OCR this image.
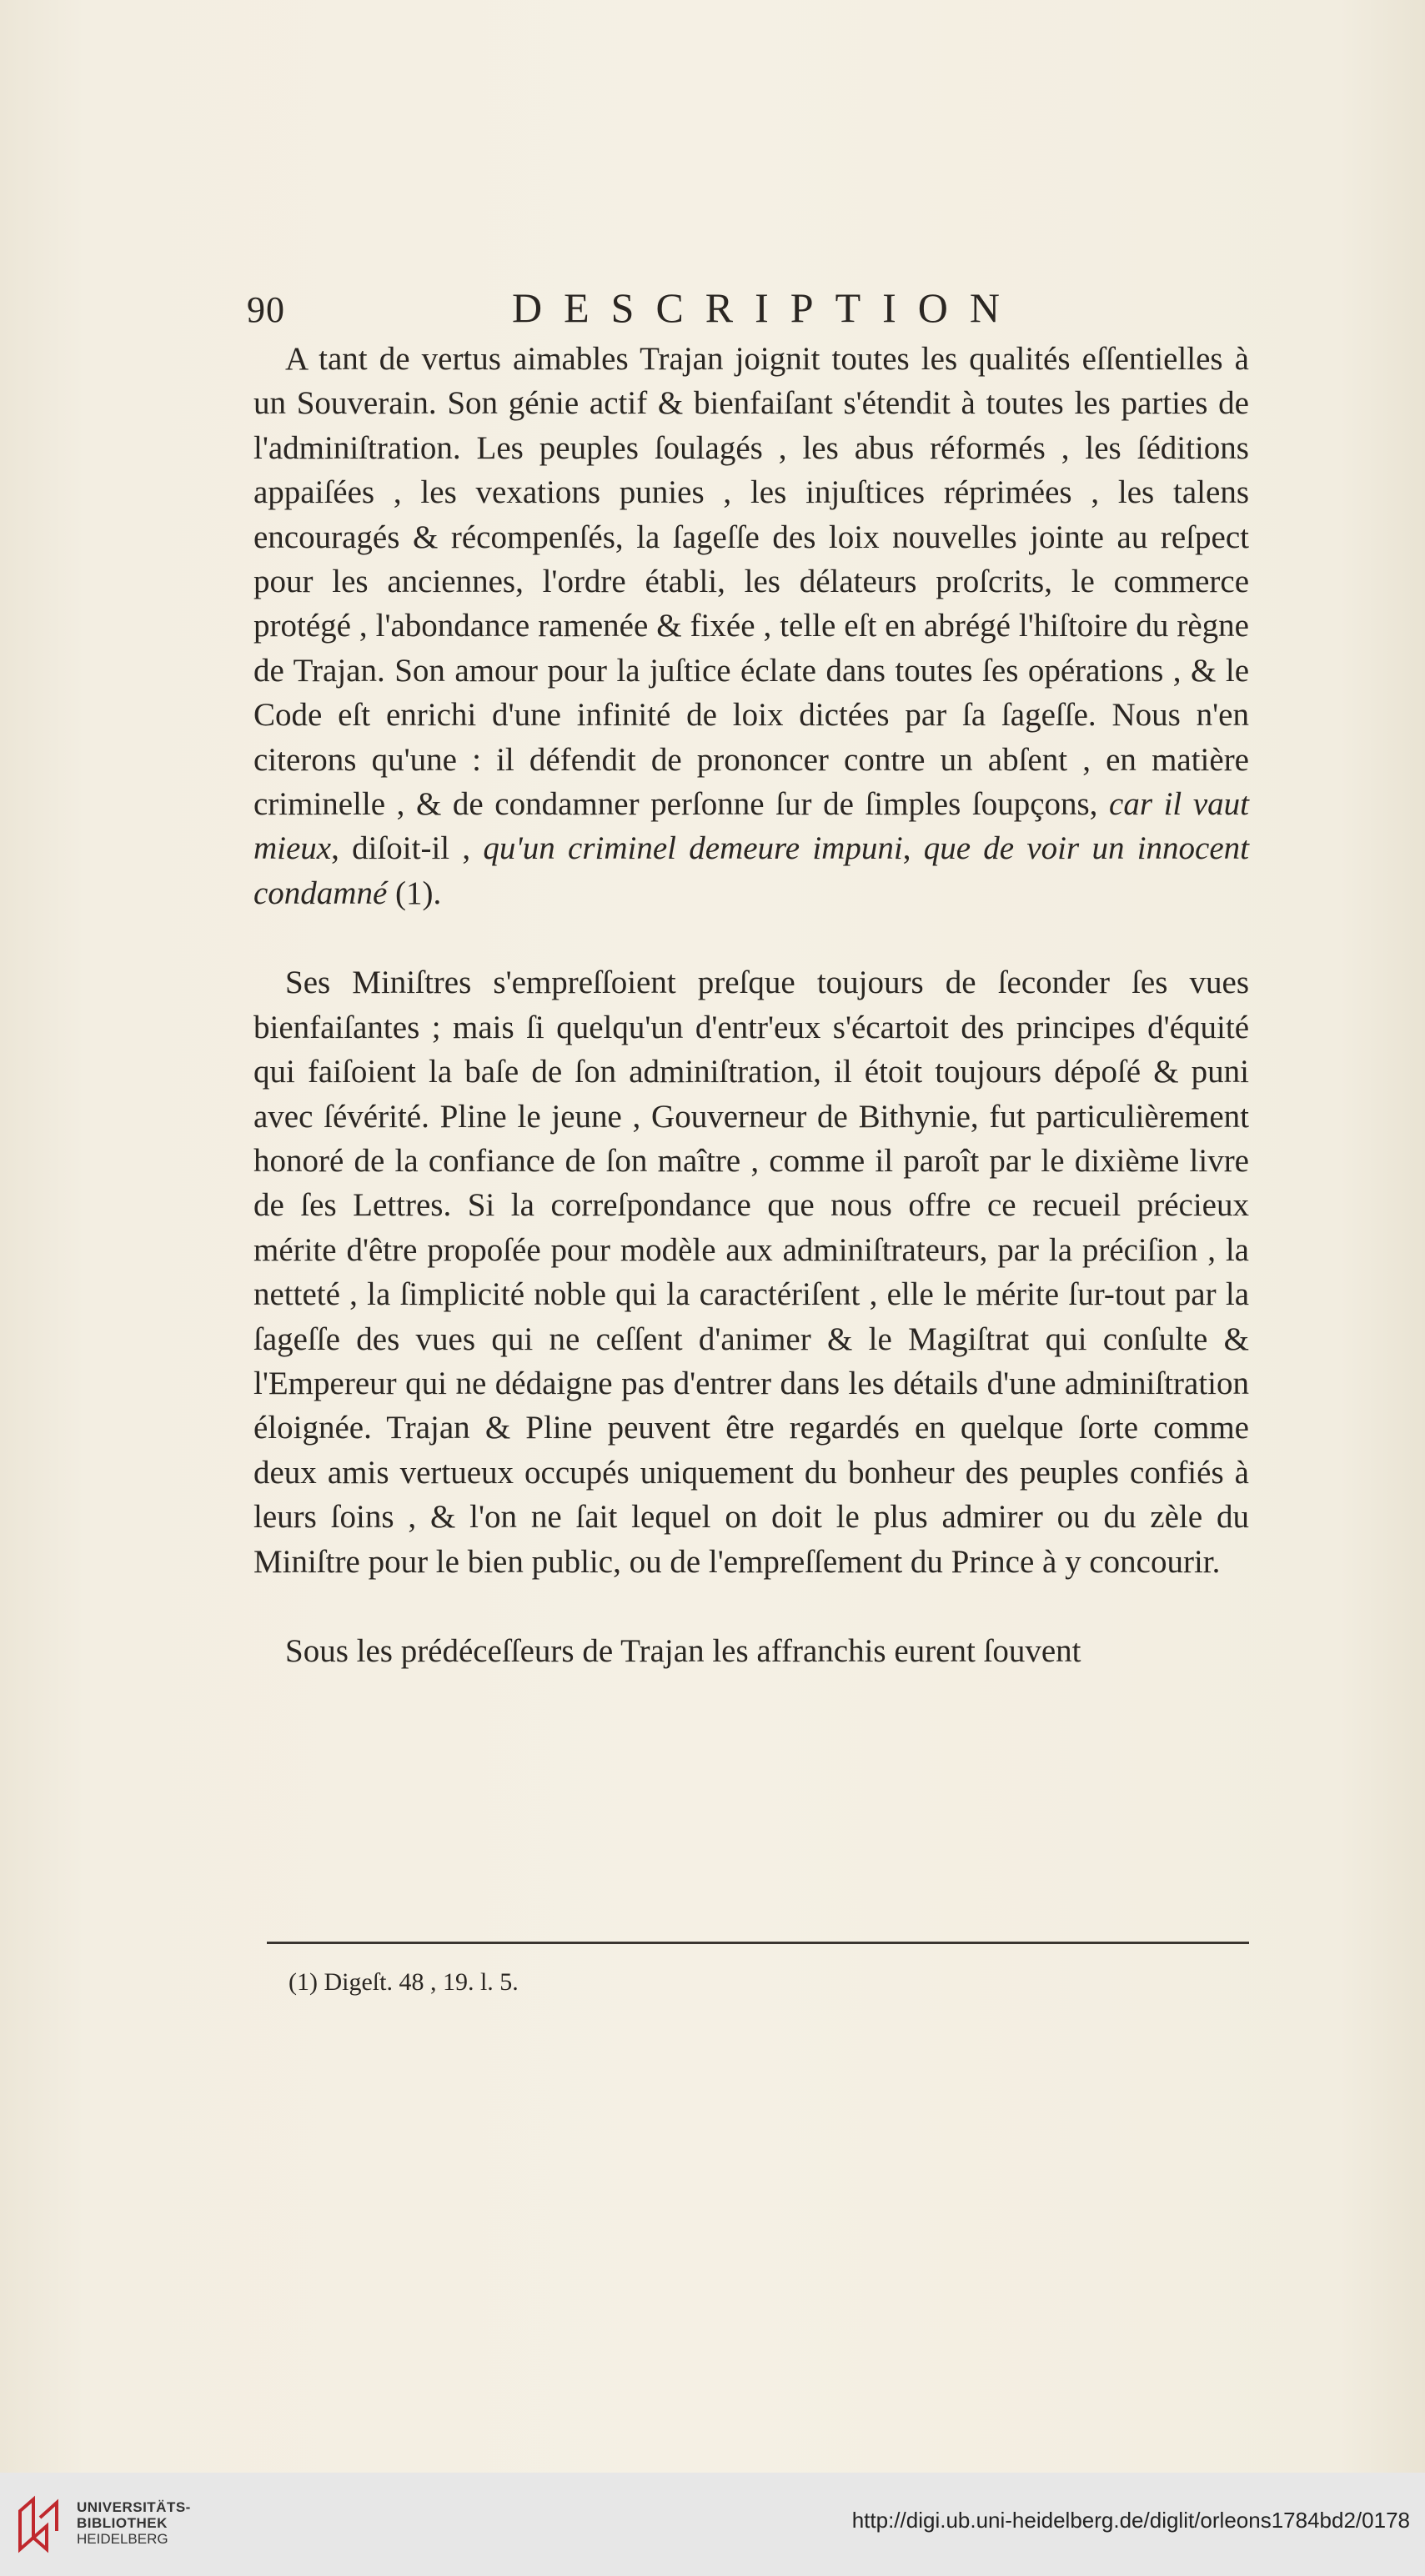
90	DESCRIPTION

A tant de vertus aimables Trajan joignit toutes les qualités eſſentielles à un Souverain. Son génie actif & bienfaiſant s'étendit à toutes les parties de l'adminiſtration. Les peuples ſoulagés , les abus réformés , les ſéditions appaiſées , les vexations punies , les injuſtices réprimées , les talens encouragés & récompenſés, la ſageſſe des loix nouvelles jointe au reſpect pour les anciennes, l'ordre établi, les délateurs proſcrits, le commerce protégé , l'abondance ramenée & fixée , telle eſt en abrégé l'hiſtoire du règne de Trajan. Son amour pour la juſtice éclate dans toutes ſes opérations , & le Code eſt enrichi d'une infinité de loix dictées par ſa ſageſſe. Nous n'en citerons qu'une : il défendit de prononcer contre un abſent , en matière criminelle , & de condamner perſonne ſur de ſimples ſoupçons, car il vaut mieux, diſoit-il , qu'un criminel demeure impuni, que de voir un innocent condamné (1).

Ses Miniſtres s'empreſſoient preſque toujours de ſeconder ſes vues bienfaiſantes ; mais ſi quelqu'un d'entr'eux s'écartoit des principes d'équité qui faiſoient la baſe de ſon adminiſtration, il étoit toujours dépoſé & puni avec ſévérité. Pline le jeune , Gouverneur de Bithynie, fut particulièrement honoré de la confiance de ſon maître , comme il paroît par le dixième livre de ſes Lettres. Si la correſpondance que nous offre ce recueil précieux mérite d'être propoſée pour modèle aux adminiſtrateurs, par la préciſion , la netteté , la ſimplicité noble qui la caractériſent , elle le mérite ſur-tout par la ſageſſe des vues qui ne ceſſent d'animer & le Magiſtrat qui conſulte & l'Empereur qui ne dédaigne pas d'entrer dans les détails d'une adminiſtration éloignée. Trajan & Pline peuvent être regardés en quelque ſorte comme deux amis vertueux occupés uniquement du bonheur des peuples confiés à leurs ſoins , & l'on ne ſait lequel on doit le plus admirer ou du zèle du Miniſtre pour le bien public, ou de l'empreſſement du Prince à y concourir.

Sous les prédéceſſeurs de Trajan les affranchis eurent ſouvent

(1) Digeſt. 48 , 19. l. 5.
UNIVERSITÄTS-
BIBLIOTHEK
HEIDELBERG
http://digi.ub.uni-heidelberg.de/diglit/orleons1784bd2/0178
